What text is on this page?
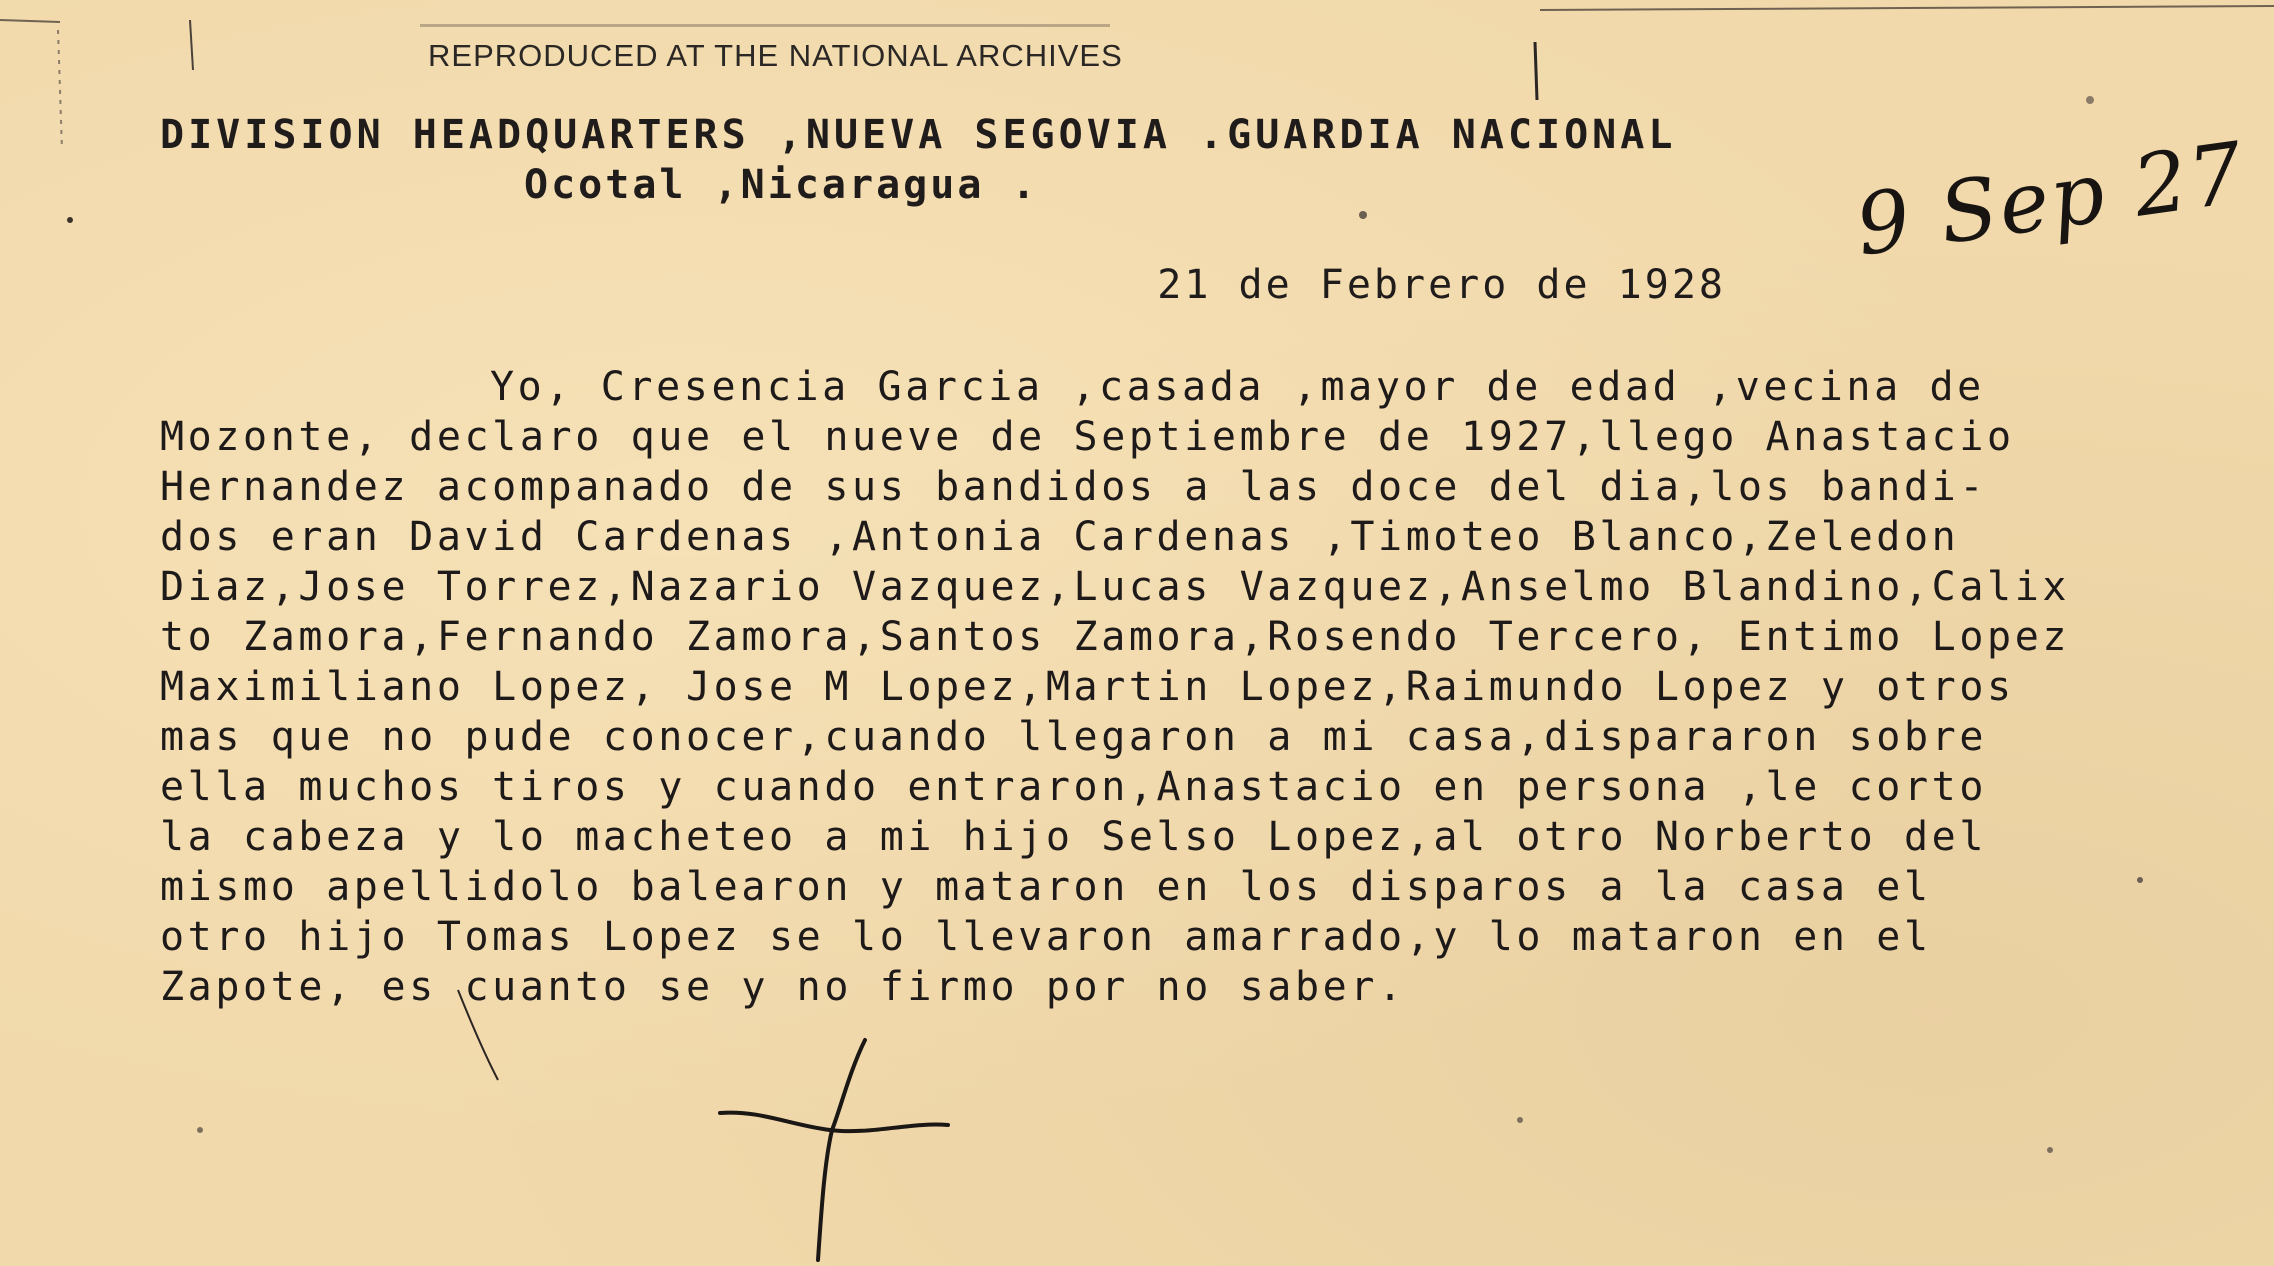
REPRODUCED AT THE NATIONAL ARCHIVES
DIVISION HEADQUARTERS ,NUEVA SEGOVIA .GUARDIA NACIONAL
Ocotal ,Nicaragua .	9 Sep 27
21 de Febrero de 1928
Yo, Cresencia Garcia ,casada ,mayor de edad ,vecina de
Mozonte, declaro que el nueve de Septiembre de 1927,llego Anastacio
Hernandez acompanado de sus bandidos a las doce del dia,los bandi-
dos eran David Cardenas ,Antonia Cardenas ,Timoteo Blanco,Zeledon
Diaz,Jose Torrez,Nazario Vazquez,Lucas Vazquez,Anselmo Blandino,Calix
to Zamora,Fernando Zamora,Santos Zamora,Rosendo Tercero, Entimo Lopez
Maximiliano Lopez, Jose M Lopez,Martin Lopez,Raimundo Lopez y otros
mas que no pude conocer,cuando llegaron a mi casa,dispararon sobre
ella muchos tiros y cuando entraron,Anastacio en persona ,le corto
la cabeza y lo macheteo a mi hijo Selso Lopez,al otro Norberto del
mismo apellidolo balearon y mataron en los disparos a la casa el
otro hijo Tomas Lopez se lo llevaron amarrado,y lo mataron en el
Zapote, es cuanto se y no firmo por no saber.
